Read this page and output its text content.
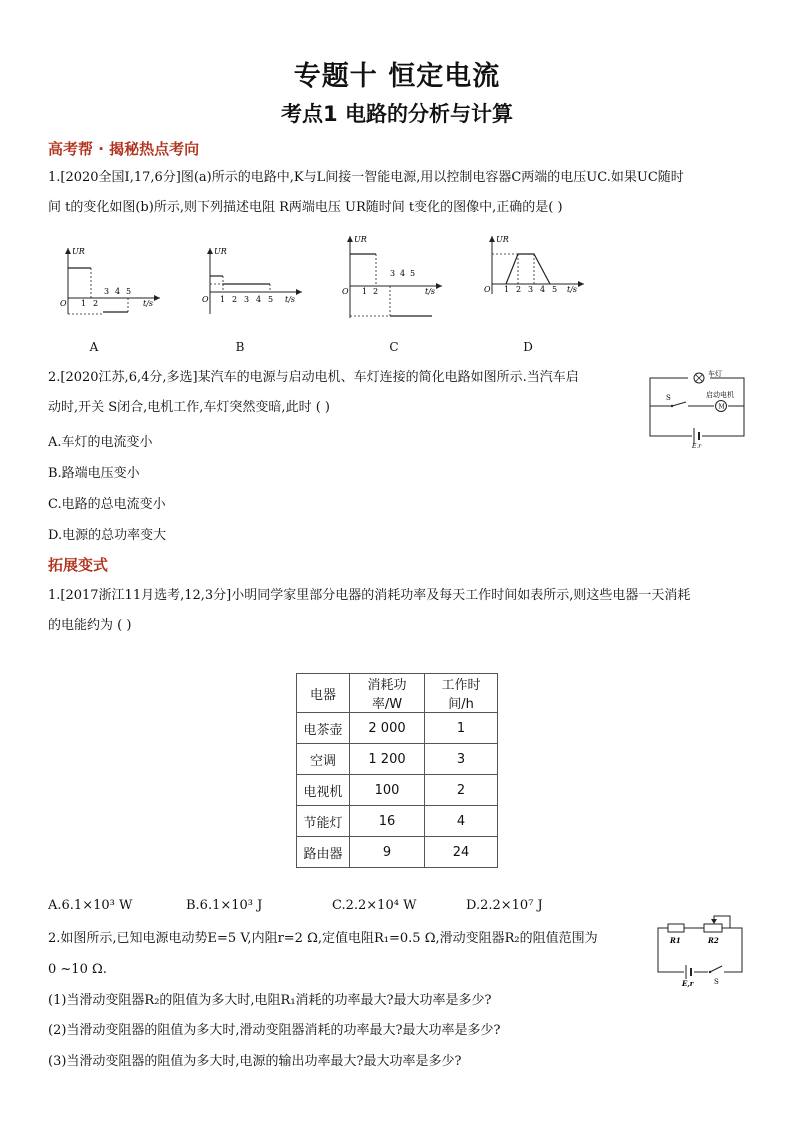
专题十 恒定电流
考点1 电路的分析与计算
高考帮 · 揭秘热点考向
1.[2020全国Ⅰ,17,6分]图(a)所示的电路中,K与L间接一智能电源,用以控制电容器C两端的电压UC.如果UC随时
间 t的变化如图(b)所示,则下列描述电阻 R两端电压 UR随时间 t变化的图像中,正确的是( )
UR
O	t/s
1 2
3 4 5
A
UR
O	t/s
1 2 3 4 5
B
UR
O	t/s
1 2
3 4 5
C
UR
O	t/s
1 2 3 4 5
D
2.[2020江苏,6,4分,多选]某汽车的电源与启动电机、车灯连接的简化电路如图所示.当汽车启
动时,开关 S闭合,电机工作,车灯突然变暗,此时 ( )
A.车灯的电流变小
B.路端电压变小
C.电路的总电流变小
D.电源的总功率变大
车灯
S
M
启动电机
E,r
拓展变式
1.[2017浙江11月选考,12,3分]小明同学家里部分电器的消耗功率及每天工作时间如表所示,则这些电器一天消耗
的电能约为 ( )
电器	消耗功率/W	工作时间/h
电茶壶	2 000	1
空调	1 200	3
电视机	100	2
节能灯	16	4
路由器	9	24
A.6.1×10³ W	B.6.1×10³ J	C.2.2×10⁴ W	D.2.2×10⁷ J
2.如图所示,已知电源电动势E=5 V,内阻r=2 Ω,定值电阻R₁=0.5 Ω,滑动变阻器R₂的阻值范围为
0 ~10 Ω.
(1)当滑动变阻器R₂的阻值为多大时,电阻R₁消耗的功率最大?最大功率是多少?
(2)当滑动变阻器的阻值为多大时,滑动变阻器消耗的功率最大?最大功率是多少?
(3)当滑动变阻器的阻值为多大时,电源的输出功率最大?最大功率是多少?
R1	R2
E,r	S
